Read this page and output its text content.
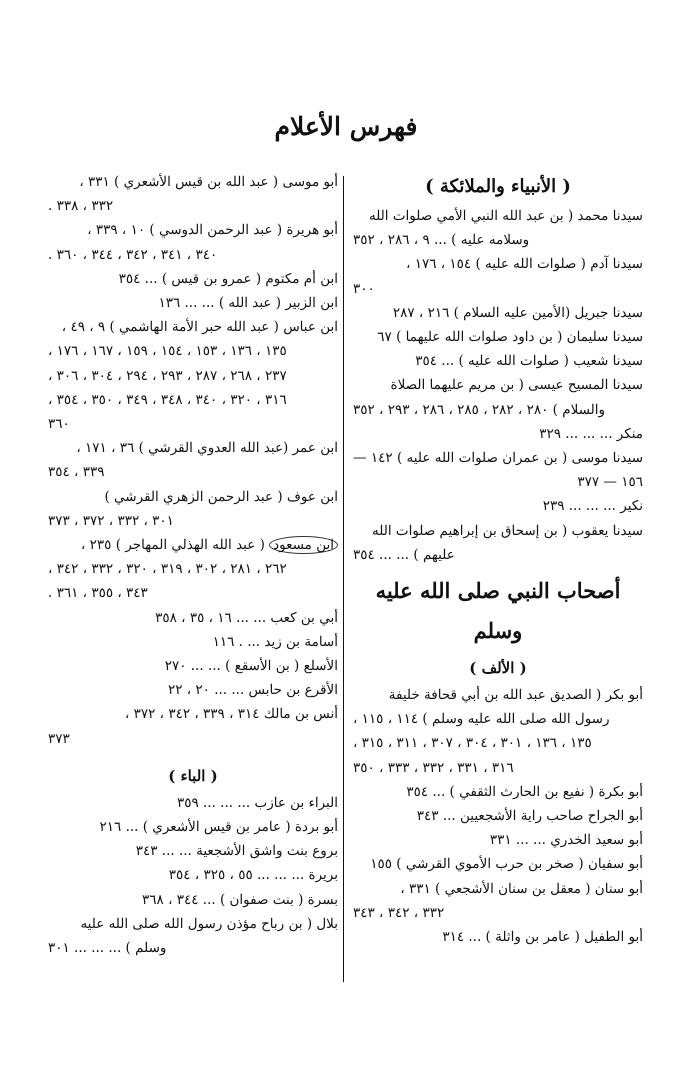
فهرس الأعلام
( الأنبياء والملائكة )
سيدنا محمد ( بن عبد الله النبي الأمي صلوات الله
وسلامه عليه ) ... ٩ ، ٢٨٦ ، ٣٥٢
سيدنا آدم ( صلوات الله عليه ) ١٥٤ ، ١٧٦ ،
٣٠٠
سيدنا جبريل (الأمين عليه السلام ) ٢١٦ ، ٢٨٧
سيدنا سليمان ( بن داود صلوات الله عليهما ) ٦٧
سيدنا شعيب ( صلوات الله عليه ) ... ٣٥٤
سيدنا المسيح عيسى ( بن مريم عليهما الصلاة
والسلام ) ٢٨٠ ، ٢٨٢ ، ٢٨٥ ، ٢٨٦ ، ٢٩٣ ، ٣٥٢
منكر ... ... ... ٣٢٩
سيدنا موسى ( بن عمران صلوات الله عليه ) ١٤٢ — ١٥٦ — ٣٧٧
نكير ... ... ... ٢٣٩
سيدنا يعقوب ( بن إسحاق بن إبراهيم صلوات الله
عليهم ) ... ... ٣٥٤
أصحاب النبي صلى الله عليه وسلم
( الألف )
أبو بكر ( الصديق عبد الله بن أبي قحافة خليفة
رسول الله صلى الله عليه وسلم ) ١١٤ ، ١١٥ ، ١٣٥ ، ١٣٦ ، ٣٠١ ، ٣٠٤ ، ٣٠٧ ، ٣١١ ، ٣١٥ ، ٣١٦ ، ٣٣١ ، ٣٣٢ ، ٣٣٣ ، ٣٥٠
أبو بكرة ( نفيع بن الحارث الثقفي ) ... ٣٥٤
أبو الجراح صاحب راية الأشجعيين ... ٣٤٣
أبو سعيد الخدري ... ... ٣٣١
أبو سفيان ( صخر بن حرب الأموي القرشي ) ١٥٥
أبو سنان ( معقل بن سنان الأشجعي ) ٣٣١ ،
٣٣٢ ، ٣٤٢ ، ٣٤٣
أبو الطفيل ( عامر بن واثلة ) ... ٣١٤
أبو موسى ( عبد الله بن قيس الأشعري ) ٣٣١ ،
٣٣٢ ، ٣٣٨ .
أبو هريرة ( عبد الرحمن الدوسي ) ١٠ ، ٣٣٩ ،
٣٤٠ ، ٣٤١ ، ٣٤٢ ، ٣٤٤ ، ٣٦٠ .
ابن أم مكتوم ( عمرو بن قيس ) ... ٣٥٤
ابن الزبير ( عبد الله ) ... ... ١٣٦
ابن عباس ( عبد الله حبر الأمة الهاشمي ) ٩ ، ٤٩ ،
١٣٥ ، ١٣٦ ، ١٥٣ ، ١٥٤ ، ١٥٩ ، ١٦٧ ، ١٧٦ ، ٢٣٧ ، ٢٦٨ ، ٢٨٧ ، ٢٩٣ ، ٢٩٤ ، ٣٠٤ ، ٣٠٦ ، ٣١٦ ، ٣٢٠ ، ٣٤٠ ، ٣٤٨ ، ٣٤٩ ، ٣٥٠ ، ٣٥٤ ، ٣٦٠
ابن عمر (عبد الله العدوي القرشي ) ٣٦ ، ١٧١ ،
٣٣٩ ، ٣٥٤
ابن عوف ( عبد الرحمن الزهري القرشي )
٣٠١ ، ٣٣٢ ، ٣٧٢ ، ٣٧٣
ابن مسعود ( عبد الله الهذلي المهاجر ) ٢٣٥ ،
٢٦٢ ، ٢٨١ ، ٣٠٢ ، ٣١٩ ، ٣٢٠ ، ٣٣٢ ، ٣٤٢ ، ٣٤٣ ، ٣٥٥ ، ٣٦١ .
أبي بن كعب ... ... ١٦ ، ٣٥ ، ٣٥٨
أسامة بن زيد ... . ١١٦
الأسلع ( بن الأسقع ) ... ... ٢٧٠
الأقرع بن حابس ... ... ٢٠ ، ٢٢
أنس بن مالك ٣١٤ ، ٣٣٩ ، ٣٤٢ ، ٣٧٢ ،
٣٧٣
( الباء )
البراء بن عازب ... ... ... ٣٥٩
أبو بردة ( عامر بن قيس الأشعري ) ... ٢١٦
بروع بنت واشق الأشجعية ... ... ٣٤٣
بريرة ... ... ... ٥٥ ، ٣٢٥ ، ٣٥٤
بسرة ( بنت صفوان ) ... ٣٤٤ ، ٣٦٨
بلال ( بن رباح مؤذن رسول الله صلى الله عليه
وسلم ) ... ... ... ٣٠١
